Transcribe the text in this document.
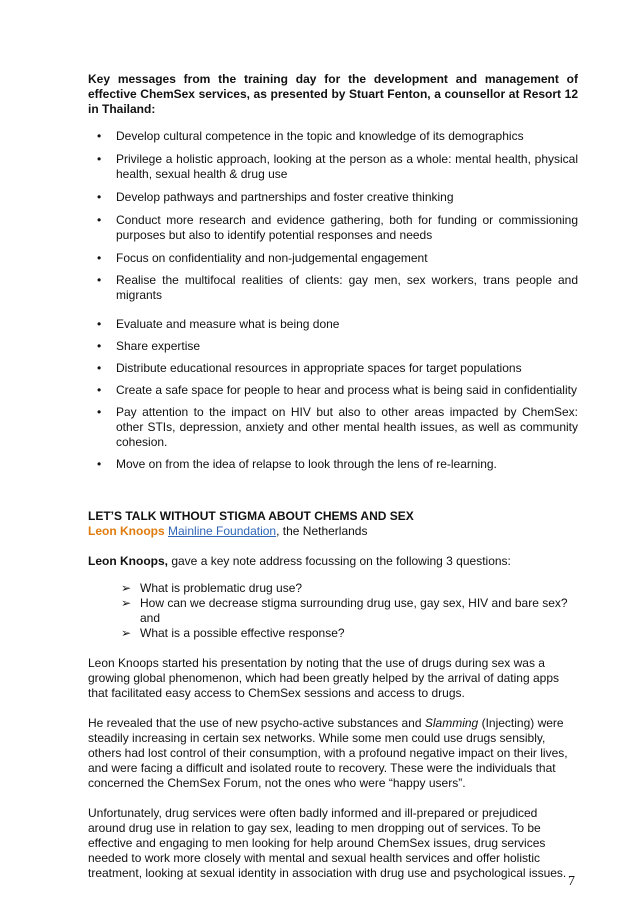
Key messages from the training day for the development and management of effective ChemSex services, as presented by Stuart Fenton, a counsellor at Resort 12 in Thailand:
• Develop cultural competence in the topic and knowledge of its demographics
• Privilege a holistic approach, looking at the person as a whole: mental health, physical health, sexual health & drug use
• Develop pathways and partnerships and foster creative thinking
• Conduct more research and evidence gathering, both for funding or commissioning purposes but also to identify potential responses and needs
• Focus on confidentiality and non-judgemental engagement
• Realise the multifocal realities of clients: gay men, sex workers, trans people and migrants
• Evaluate and measure what is being done
• Share expertise
• Distribute educational resources in appropriate spaces for target populations
• Create a safe space for people to hear and process what is being said in confidentiality
• Pay attention to the impact on HIV but also to other areas impacted by ChemSex: other STIs, depression, anxiety and other mental health issues, as well as community cohesion.
• Move on from the idea of relapse to look through the lens of re-learning.
LET’S TALK WITHOUT STIGMA ABOUT CHEMS AND SEX
Leon Knoops Mainline Foundation, the Netherlands
Leon Knoops, gave a key note address focussing on the following 3 questions:
➢ What is problematic drug use?
➢ How can we decrease stigma surrounding drug use, gay sex, HIV and bare sex? and
➢ What is a possible effective response?
Leon Knoops started his presentation by noting that the use of drugs during sex was a growing global phenomenon, which had been greatly helped by the arrival of dating apps that facilitated easy access to ChemSex sessions and access to drugs.
He revealed that the use of new psycho-active substances and Slamming (Injecting) were steadily increasing in certain sex networks. While some men could use drugs sensibly, others had lost control of their consumption, with a profound negative impact on their lives, and were facing a difficult and isolated route to recovery. These were the individuals that concerned the ChemSex Forum, not the ones who were “happy users”.
Unfortunately, drug services were often badly informed and ill-prepared or prejudiced around drug use in relation to gay sex, leading to men dropping out of services. To be effective and engaging to men looking for help around ChemSex issues, drug services needed to work more closely with mental and sexual health services and offer holistic treatment, looking at sexual identity in association with drug use and psychological issues.
7
